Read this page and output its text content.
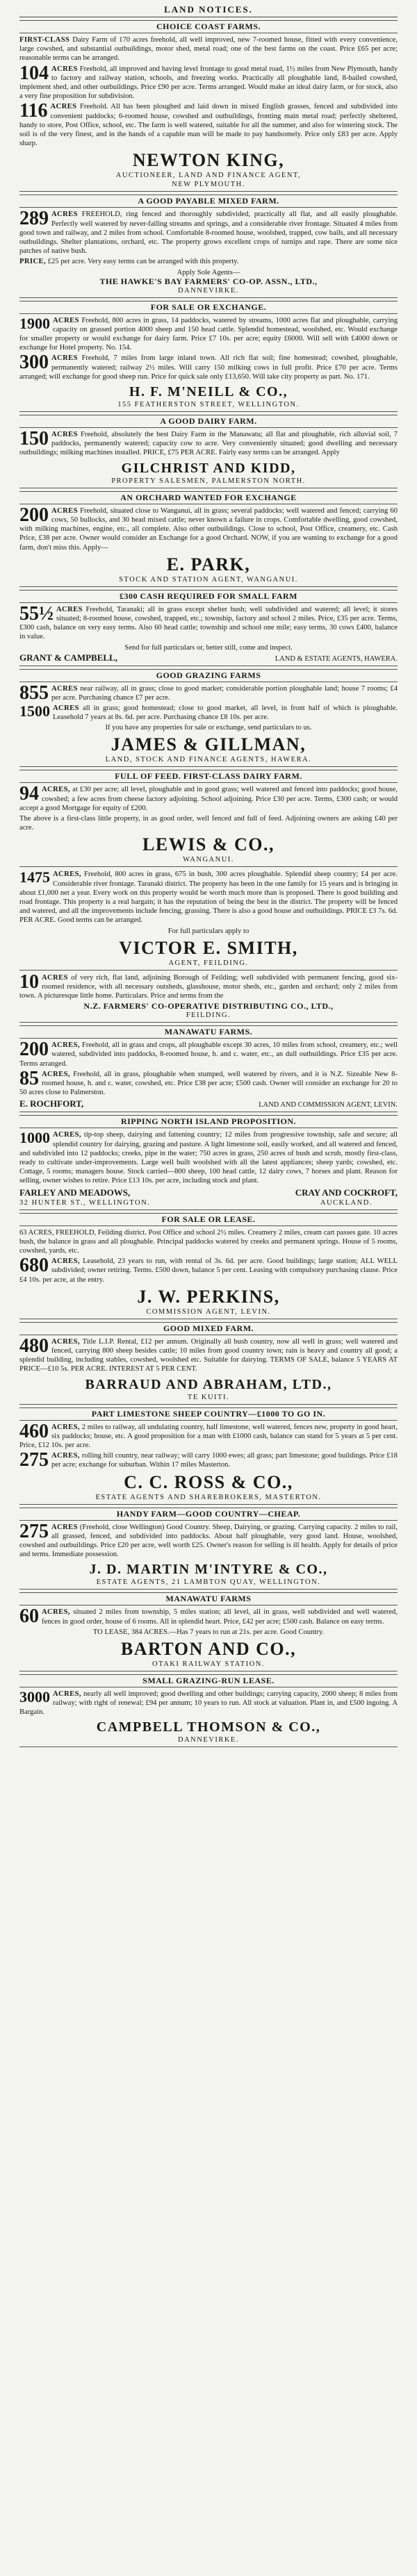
LAND NOTICES.
CHOICE COAST FARMS.
FIRST-CLASS Dairy Farm of 170 acres freehold, all well improved, new 7-roomed house, fitted with every convenience, large cowshed, and substantial outbuildings, motor shed, metal road; one of the best farms on the coast. Price £65 per acre; reasonable terms can be arranged.
104 ACRES Freehold, all improved and having level frontage to good metal road, 1½ miles from New Plymouth, handy to factory and railway station, schools, and freezing works. Practically all ploughable land, 8-bailed cowshed, implement shed, and other outbuildings. Price £90 per acre. Terms arranged. Would make an ideal dairy farm, or for stock, also a very fine proposition for subdivision.
116 ACRES Freehold. All has been ploughed and laid down in mixed English grasses, fenced and subdivided into convenient paddocks; 6-roomed house, cowshed and outbuildings, fronting main metal road; perfectly sheltered, handy to store, Post Office, school, etc. The farm is well watered, suitable for all the summer, and also for wintering stock. The soil is of the very finest, and in the hands of a capable man will be made to pay handsomely. Price only £83 per acre. Apply sharp.
NEWTON KING,
AUCTIONEER, LAND AND FINANCE AGENT,
NEW PLYMOUTH.
A GOOD PAYABLE MIXED FARM.
289 ACRES FREEHOLD, ring fenced and thoroughly subdivided, practically all flat, and all easily ploughable. Perfectly well watered by never-failing streams and springs, and a considerable river frontage. Situated 4 miles from good town and railway, and 2 miles from school. Comfortable 8-roomed house, woolshed, trapped, cow bails, and all necessary outbuildings. Shelter plantations, orchard, etc. The property grows excellent crops of turnips and rape. There are some nice patches of native bush.
PRICE, £25 per acre. Very easy terms can be arranged with this property.
Apply Sole Agents—
THE HAWKE'S BAY FARMERS' CO-OP. ASSN., LTD.,
DANNEVIRKE.
FOR SALE OR EXCHANGE.
1900 ACRES Freehold, 800 acres in grass, 14 paddocks, watered by streams, 1000 acres flat and ploughable, carrying capacity on grassed portion 4000 sheep and 150 head cattle. Splendid homestead, woolshed, etc. Would exchange for smaller property or would exchange for dairy farm. Price £7 10s. per acre; equity £6000. Will sell with £4000 down or exchange for Hotel property. No. 154.
300 ACRES Freehold, 7 miles from large inland town. All rich flat soil; fine homestead; cowshed, ploughable, permanently watered; railway 2½ miles. Will carry 150 milking cows in full profit. Price £70 per acre. Terms arranged; will exchange for good sheep run. Price for quick sale only £13,650. Will take city property as part. No. 171.
H. F. M'NEILL & CO.,
155 FEATHERSTON STREET, WELLINGTON.
A GOOD DAIRY FARM.
150 ACRES Freehold, absolutely the best Dairy Farm in the Manawatu; all flat and ploughable, rich alluvial soil, 7 paddocks, permanently watered; capacity cow to acre. Very conveniently situated; good dwelling and necessary outbuildings; milking machines installed. PRICE, £75 PER ACRE. Fairly easy terms can be arranged. Apply
GILCHRIST AND KIDD,
PROPERTY SALESMEN, PALMERSTON NORTH.
AN ORCHARD WANTED FOR EXCHANGE
200 ACRES Freehold, situated close to Wanganui, all in grass; several paddocks; well watered and fenced; carrying 60 cows, 50 bullocks, and 30 head mixed cattle; never known a failure in crops. Comfortable dwelling, good cowshed, with milking machines, engine, etc., all complete. Also other outbuildings. Close to school, Post Office, creamery, etc. Cash Price, £38 per acre. Owner would consider an Exchange for a good Orchard. NOW, if you are wanting to exchange for a good farm, don't miss this. Apply—
E. PARK,
STOCK AND STATION AGENT, WANGANUI.
£300 CASH REQUIRED FOR SMALL FARM
55½ ACRES Freehold, Taranaki; all in grass except shelter bush; well subdivided and watered; all level; it stores situated; 8-roomed house, cowshed, trapped, etc.; township, factory and school 2 miles. Price, £35 per acre. Terms, £300 cash, balance on very easy terms. Also 60 head cattle; township and school one mile; easy terms, 30 cows £400, balance in value.
Send for full particulars or, better still, come and inspect.
GRANT & CAMPBELL,	LAND & ESTATE AGENTS, HAWERA.
GOOD GRAZING FARMS
855 ACRES near railway, all in grass; close to good market; considerable portion ploughable land; house 7 rooms; £4 per acre. Purchasing chance £7 per acre.
1500 ACRES all in grass; good homestead; close to good market, all level, in front half of which is ploughable. Leasehold 7 years at 8s. 6d. per acre. Purchasing chance £8 10s. per acre.
If you have any properties for sale or exchange, send particulars to us.
JAMES & GILLMAN,
LAND, STOCK AND FINANCE AGENTS, HAWERA.
FULL OF FEED. FIRST-CLASS DAIRY FARM.
94 ACRES, at £30 per acre; all level, ploughable and in good grass; well watered and fenced into paddocks; good house, cowshed; a few acres from cheese factory adjoining. School adjoining. Price £30 per acre. Terms, £300 cash; or would accept a good Mortgage for equity of £200.
The above is a first-class little property, in as good order, well fenced and full of feed. Adjoining owners are asking £40 per acre.
LEWIS & CO.,
WANGANUI.
1475 ACRES, Freehold, 800 acres in grass, 675 in bush, 300 acres ploughable. Splendid sheep country; £4 per acre. Considerable river frontage. Taranaki district. The property has been in the one family for 15 years and is bringing in about £1,000 net a year. Every work on this property would be worth much more than is proposed. There is good building and road frontage. This property is a real bargain; it has the reputation of being the best in the district. The property will be fenced and watered, and all the improvements include fencing, grassing. There is also a good house and outbuildings. PRICE £3 7s. 6d. PER ACRE. Good terms can be arranged.
For full particulars apply to
VICTOR E. SMITH,
AGENT, FEILDING.
10 ACRES of very rich, flat land, adjoining Borough of Feilding; well subdivided with permanent fencing, good six-roomed residence, with all necessary outsheds, glasshouse, motor sheds, etc., garden and orchard; only 2 miles from town. A picturesque little home. Particulars. Price and terms from the
N.Z. FARMERS' CO-OPERATIVE DISTRIBUTING CO., LTD.,
FEILDING.
MANAWATU FARMS.
200 ACRES, Freehold, all in grass and crops, all ploughable except 30 acres, 10 miles from school, creamery, etc.; well watered, subdivided into paddocks, 8-roomed house, h. and c. water, etc., an dull outbuildings. Price £35 per acre. Terms arranged.
85 ACRES, Freehold, all in grass, ploughable when stumped, well watered by rivers, and it is N.Z. Sizeable New 8-roomed house, h. and c. water, cowshed, etc. Price £38 per acre; £500 cash. Owner will consider an exchange for 20 to 50 acres close to Palmerston.
E. ROCHFORT,	LAND AND COMMISSION AGENT, LEVIN.
RIPPING NORTH ISLAND PROPOSITION.
1000 ACRES, tip-top sheep, dairying and fattening country; 12 miles from progressive township, safe and secure; all splendid country for dairying, grazing and pasture. A light limestone soil, easily worked, and all watered and fenced, and subdivided into 12 paddocks; creeks, pipe in the water; 750 acres in grass, 250 acres of bush and scrub, mostly first-class, ready to cultivate under-improvements. Large well built woolshed with all the latest appliances; sheep yards; cowshed, etc. Cottage, 5 rooms; managers house. Stock carried—800 sheep, 100 head cattle, 12 dairy cows, 7 horses and plant. Reason for selling, owner wishes to retire. Price £13 10s. per acre, including stock and plant.
FARLEY AND MEADOWS,
32 HUNTER ST., WELLINGTON.
CRAY AND COCKROFT,
AUCKLAND.
FOR SALE OR LEASE.
63 ACRES, FREEHOLD, Feilding district. Post Office and school 2½ miles. Creamery 2 miles, cream cart passes gate. 10 acres bush, the balance in grass and all ploughable. Principal paddocks watered by creeks and permanent springs. House of 5 rooms, cowshed, yards, etc.
680 ACRES, Leasehold, 23 years to run, with rental of 3s. 6d. per acre. Good buildings; large station; ALL WELL subdivided; owner retiring. Terms. £500 down, balance 5 per cent. Leasing with compulsory purchasing clause. Price £4 10s. per acre, at the entry.
J. W. PERKINS,
COMMISSION AGENT, LEVIN.
GOOD MIXED FARM.
480 ACRES, Title L.I.P. Rental, £12 per annum. Originally all bush country, now all well in grass; well watered and fenced, carrying 800 sheep besides cattle; 10 miles from good country town; rain is heavy and country all good; a splendid building, including stables, cowshed, woolshed etc. Suitable for dairying. TERMS OF SALE, balance 5 YEARS AT PRICE—£10 5s. PER ACRE. INTEREST AT 5 PER CENT.
BARRAUD AND ABRAHAM, LTD.,
TE KUITI.
PART LIMESTONE SHEEP COUNTRY—£1000 TO GO IN.
460 ACRES, 2 miles to railway, all undulating country, half limestone, well watered, fences new, property in good heart, six paddocks; house, etc. A good proposition for a man with £1000 cash, balance can stand for 5 years at 5 per cent. Price, £12 10s. per acre.
275 ACRES, rolling hill country, near railway; will carry 1000 ewes; all grass; part limestone; good buildings. Price £18 per acre; exchange for suburban. Within 17 miles Masterton.
C. C. ROSS & CO.,
ESTATE AGENTS AND SHAREBROKERS, MASTERTON.
HANDY FARM—GOOD COUNTRY—CHEAP.
275 ACRES (Freehold, close Wellington) Good Country. Sheep, Dairying, or grazing. Carrying capacity. 2 miles to rail, all grassed, fenced, and subdivided into paddocks. About half ploughable, very good land. House, woolshed, cowshed and outbuildings. Price £20 per acre, well worth £25. Owner's reason for selling is ill health. Apply for details of price and terms. Immediate possession.
J. D. MARTIN M'INTYRE & CO.,
ESTATE AGENTS, 21 LAMBTON QUAY, WELLINGTON.
MANAWATU FARMS
60 ACRES, situated 2 miles from township, 5 miles station; all level, all in grass, well subdivided and well watered, fences in good order, house of 6 rooms. All in splendid heart. Price, £42 per acre; £500 cash. Balance on easy terms.
TO LEASE, 384 ACRES.—Has 7 years to run at 21s. per acre. Good Country.
BARTON AND CO.,
OTAKI RAILWAY STATION.
SMALL GRAZING-RUN LEASE.
3000 ACRES, nearly all well improved; good dwelling and other buildings; carrying capacity, 2000 sheep; 8 miles from railway; with right of renewal; £94 per annum; 10 years to run. All stock at valuation. Plant in, and £500 ingoing. A Bargain.
CAMPBELL THOMSON & CO.,
DANNEVIRKE.
